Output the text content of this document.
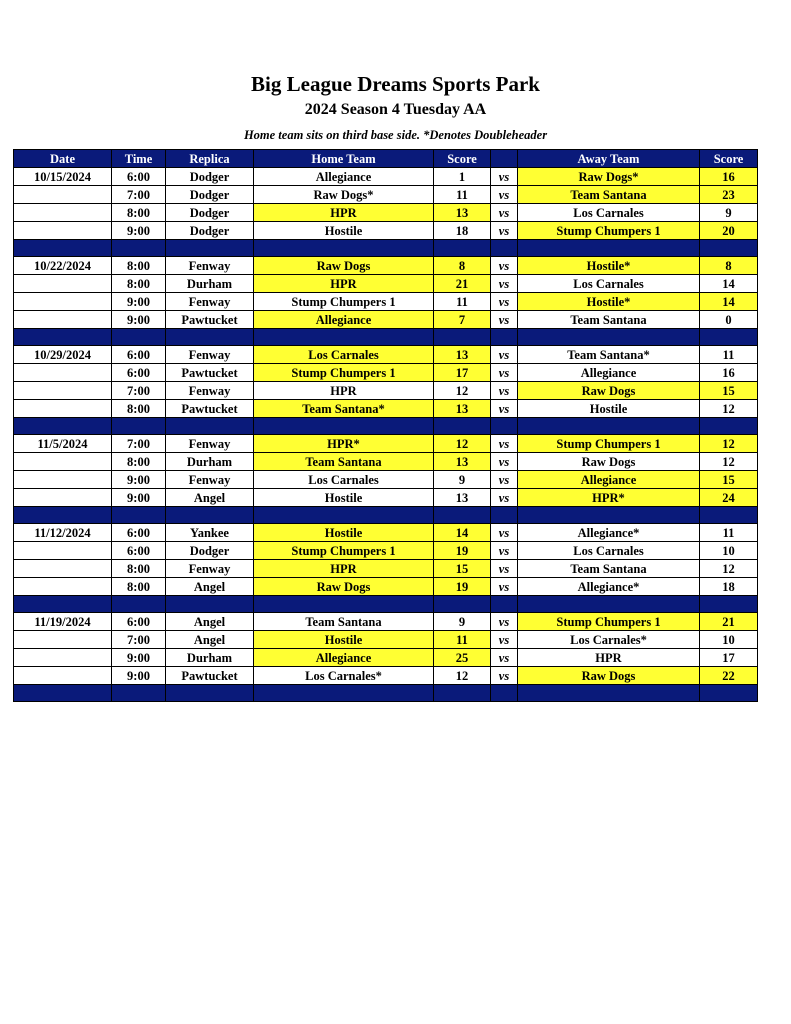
Big League Dreams Sports Park
2024 Season 4 Tuesday AA
Home team sits on third base side. *Denotes Doubleheader
Date	Time	Replica	Home Team	Score		Away Team	Score
10/15/2024	6:00	Dodger	Allegiance	1	vs	Raw Dogs*	16
	7:00	Dodger	Raw Dogs*	11	vs	Team Santana	23
	8:00	Dodger	HPR	13	vs	Los Carnales	9
	9:00	Dodger	Hostile	18	vs	Stump Chumpers 1	20

10/22/2024	8:00	Fenway	Raw Dogs	8	vs	Hostile*	8
	8:00	Durham	HPR	21	vs	Los Carnales	14
	9:00	Fenway	Stump Chumpers 1	11	vs	Hostile*	14
	9:00	Pawtucket	Allegiance	7	vs	Team Santana	0

10/29/2024	6:00	Fenway	Los Carnales	13	vs	Team Santana*	11
	6:00	Pawtucket	Stump Chumpers 1	17	vs	Allegiance	16
	7:00	Fenway	HPR	12	vs	Raw Dogs	15
	8:00	Pawtucket	Team Santana*	13	vs	Hostile	12

11/5/2024	7:00	Fenway	HPR*	12	vs	Stump Chumpers 1	12
	8:00	Durham	Team Santana	13	vs	Raw Dogs	12
	9:00	Fenway	Los Carnales	9	vs	Allegiance	15
	9:00	Angel	Hostile	13	vs	HPR*	24

11/12/2024	6:00	Yankee	Hostile	14	vs	Allegiance*	11
	6:00	Dodger	Stump Chumpers 1	19	vs	Los Carnales	10
	8:00	Fenway	HPR	15	vs	Team Santana	12
	8:00	Angel	Raw Dogs	19	vs	Allegiance*	18

11/19/2024	6:00	Angel	Team Santana	9	vs	Stump Chumpers 1	21
	7:00	Angel	Hostile	11	vs	Los Carnales*	10
	9:00	Durham	Allegiance	25	vs	HPR	17
	9:00	Pawtucket	Los Carnales*	12	vs	Raw Dogs	22
